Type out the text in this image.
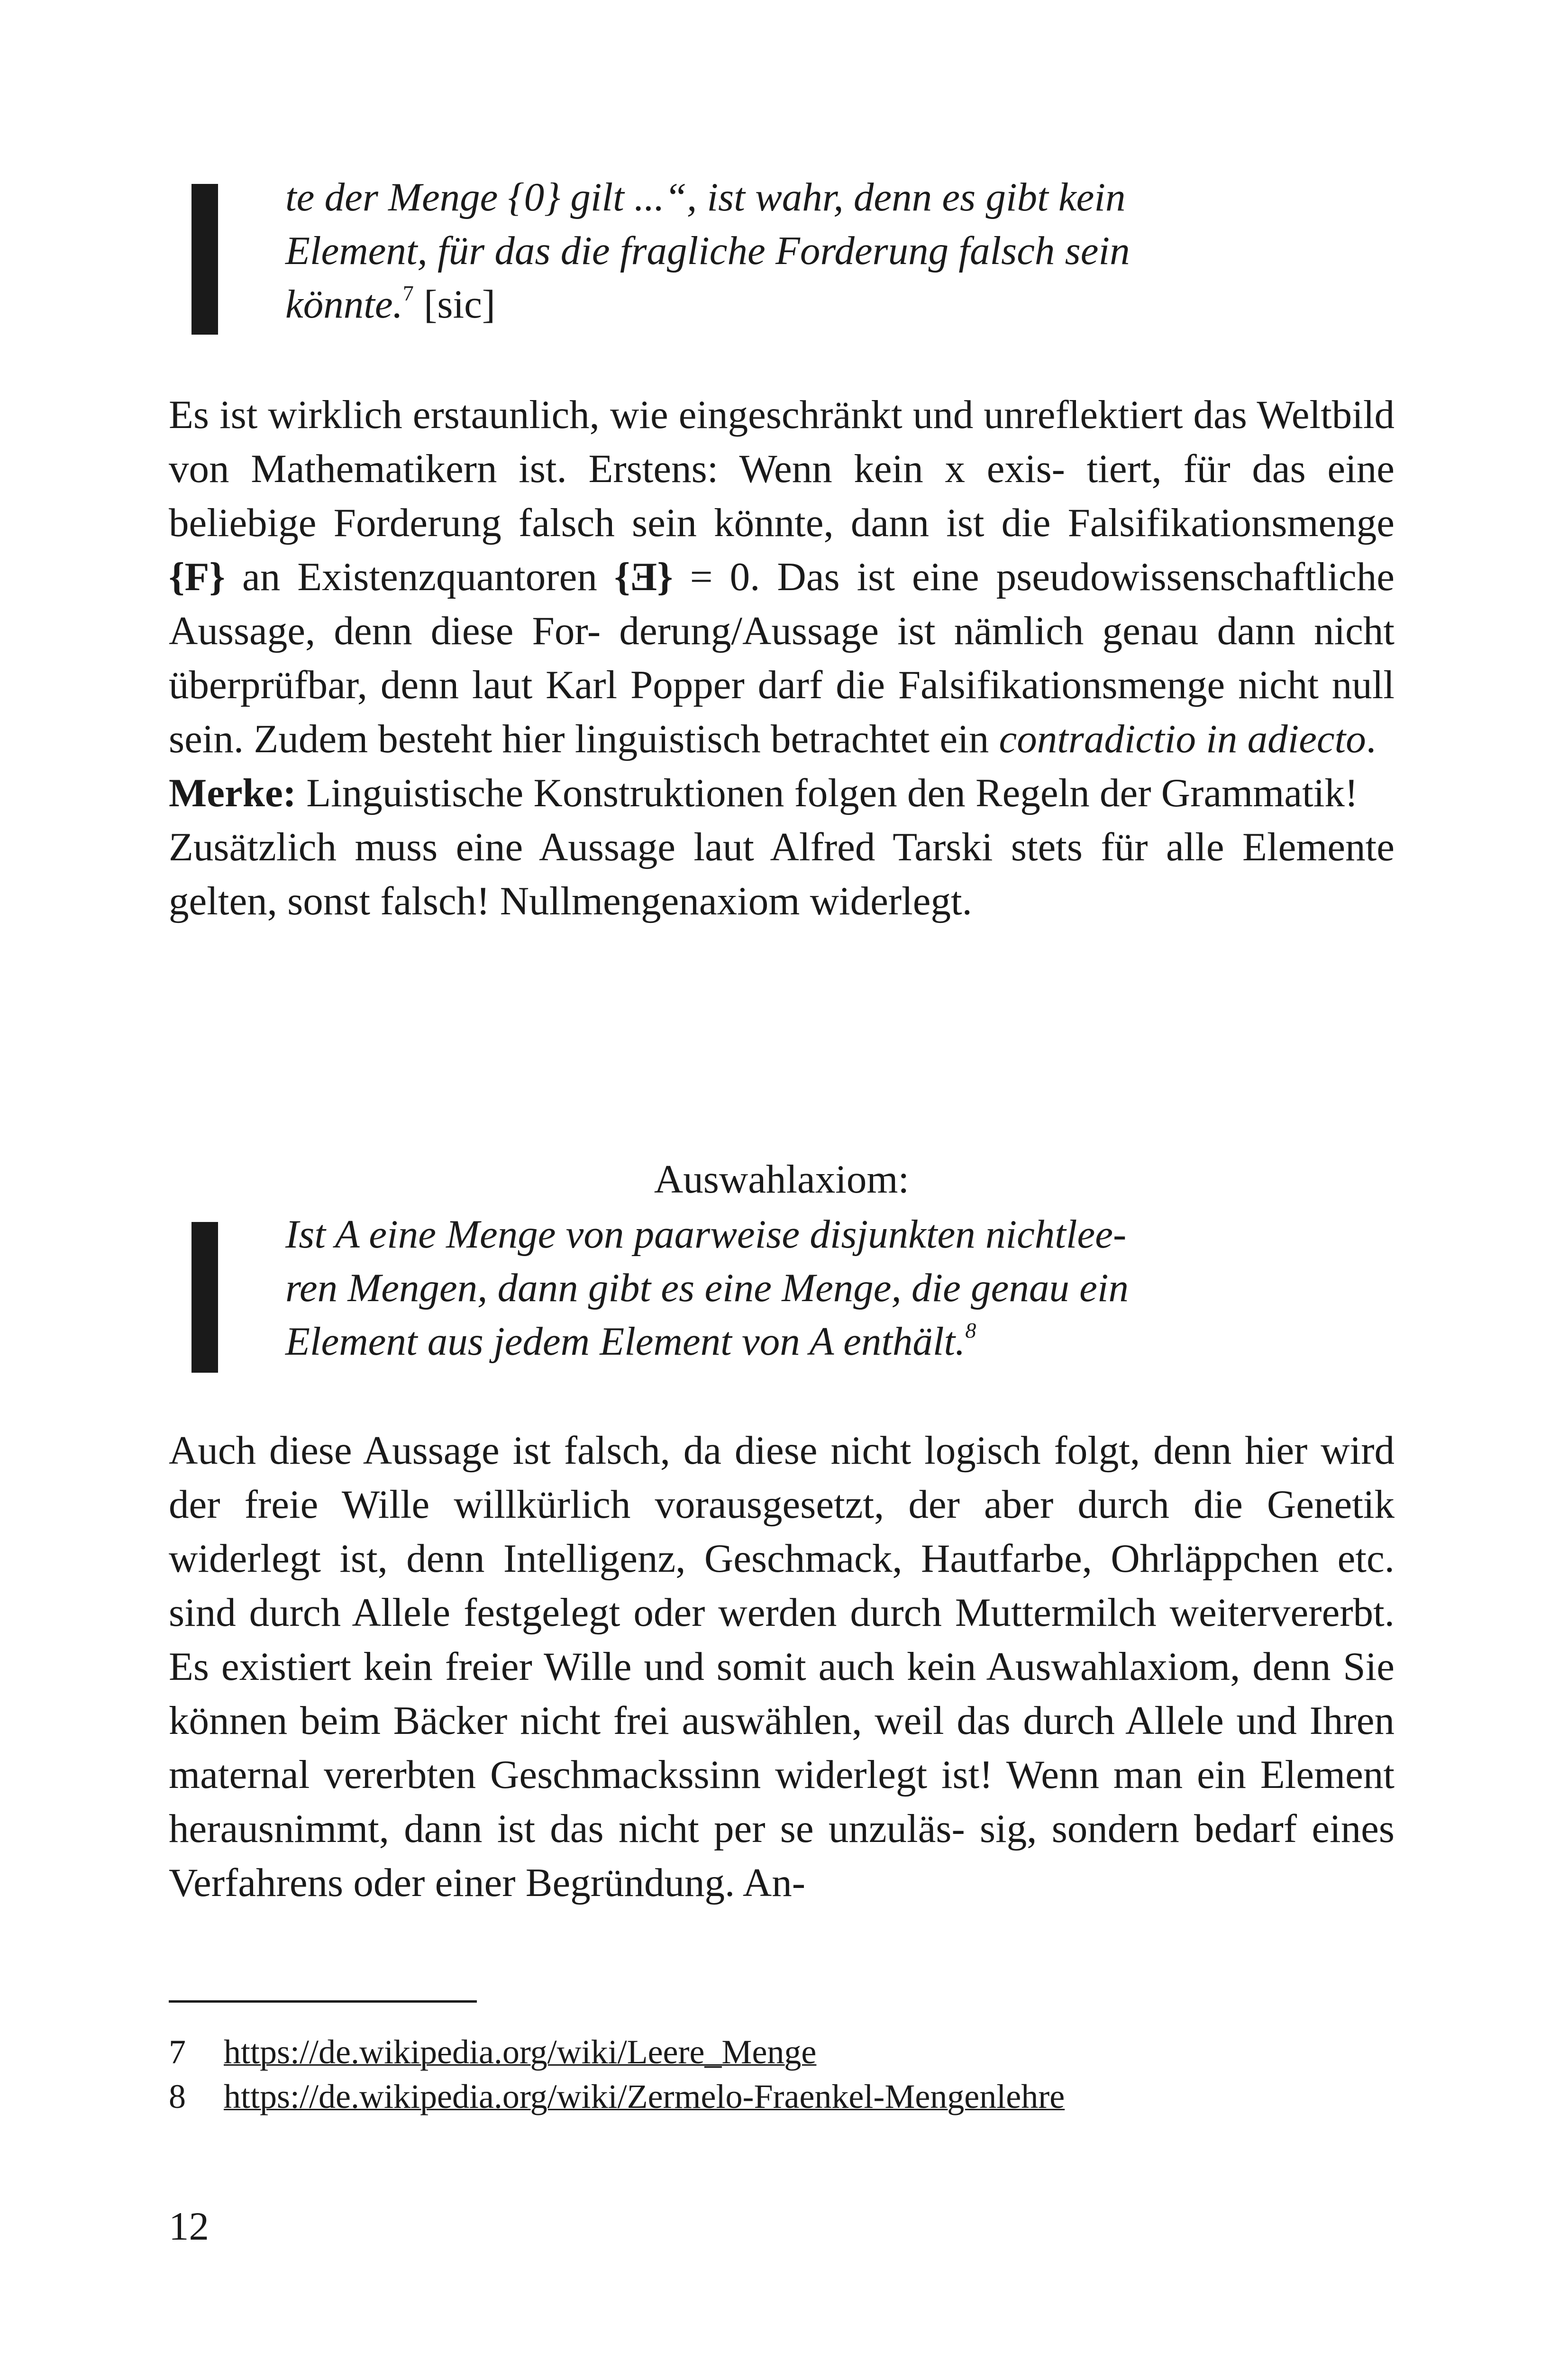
te der Menge {0} gilt ...“, ist wahr, denn es gibt kein
Element, für das die fragliche Forderung falsch sein
könnte.$^7$ [sic]

Es ist wirklich erstaunlich, wie eingeschränkt und unreflektiert das Weltbild von Mathematikern ist. Erstens: Wenn kein x exis- tiert, für das eine beliebige Forderung falsch sein könnte, dann ist die Falsifikationsmenge {F} an Existenzquantoren {Ǝ} = 0. Das ist eine pseudowissenschaftliche Aussage, denn diese For- derung/Aussage ist nämlich genau dann nicht überprüfbar, denn laut Karl Popper darf die Falsifikationsmenge nicht null sein. Zudem besteht hier linguistisch betrachtet ein contradictio in adiecto.

Merke: Linguistische Konstruktionen folgen den Regeln der Grammatik!

Zusätzlich muss eine Aussage laut Alfred Tarski stets für alle Elemente gelten, sonst falsch! Nullmengenaxiom widerlegt.

Auswahlaxiom:
Ist A eine Menge von paarweise disjunkten nichtlee-
ren Mengen, dann gibt es eine Menge, die genau ein
Element aus jedem Element von A enthält.$^8$

Auch diese Aussage ist falsch, da diese nicht logisch folgt, denn hier wird der freie Wille willkürlich vorausgesetzt, der aber durch die Genetik widerlegt ist, denn Intelligenz, Geschmack, Hautfarbe, Ohrläppchen etc. sind durch Allele festgelegt oder werden durch Muttermilch weitervererbt. Es existiert kein freier Wille und somit auch kein Auswahlaxiom, denn Sie können beim Bäcker nicht frei auswählen, weil das durch Allele und Ihren maternal vererbten Geschmackssinn widerlegt ist! Wenn man ein Element herausnimmt, dann ist das nicht per se unzuläs- sig, sondern bedarf eines Verfahrens oder einer Begründung. An-

7	https://de.wikipedia.org/wiki/Leere_Menge
8	https://de.wikipedia.org/wiki/Zermelo-Fraenkel-Mengenlehre
12
